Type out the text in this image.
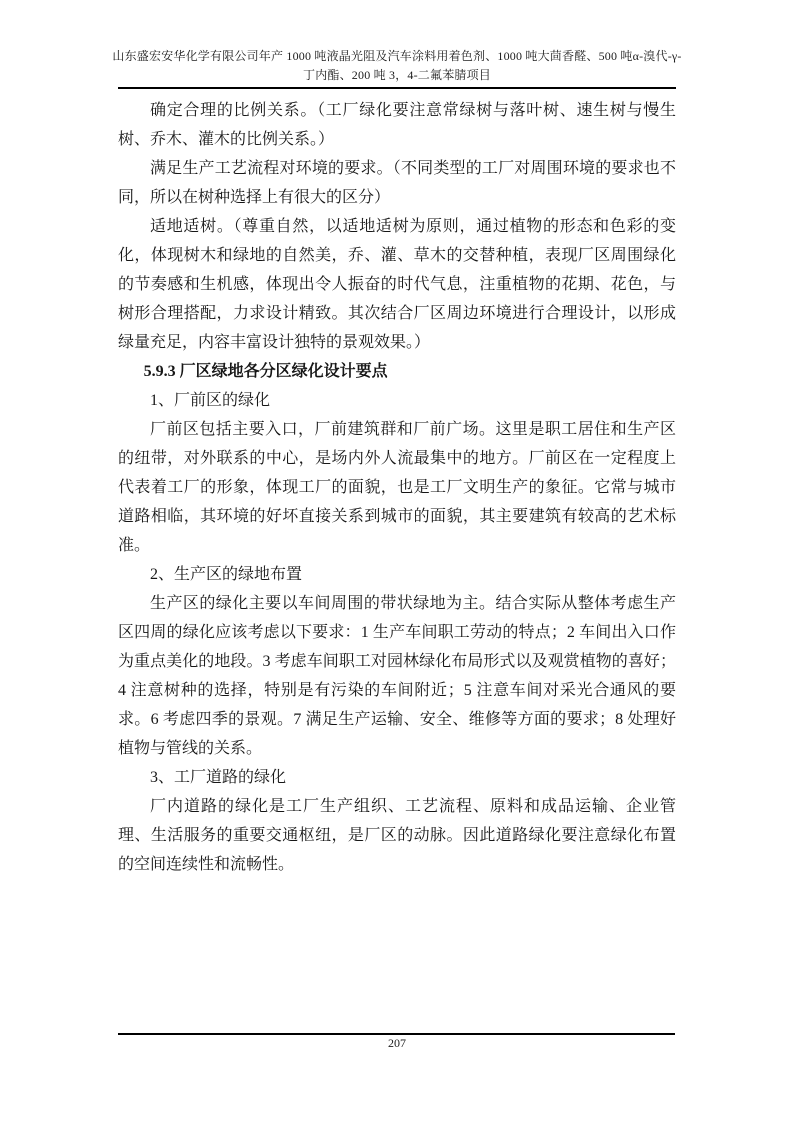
山东盛宏安华化学有限公司年产 1000 吨液晶光阻及汽车涂料用着色剂、1000 吨大茴香醛、500 吨α-溴代-γ-
丁内酯、200 吨 3，4-二氟苯腈项目

确定合理的比例关系。（工厂绿化要注意常绿树与落叶树、速生树与慢生树、乔木、灌木的比例关系。）

满足生产工艺流程对环境的要求。（不同类型的工厂对周围环境的要求也不同，所以在树种选择上有很大的区分）

适地适树。（尊重自然，以适地适树为原则，通过植物的形态和色彩的变化，体现树木和绿地的自然美，乔、灌、草木的交替种植，表现厂区周围绿化的节奏感和生机感，体现出令人振奋的时代气息，注重植物的花期、花色，与树形合理搭配，力求设计精致。其次结合厂区周边环境进行合理设计，以形成绿量充足，内容丰富设计独特的景观效果。）

5.9.3 厂区绿地各分区绿化设计要点

1、厂前区的绿化

厂前区包括主要入口，厂前建筑群和厂前广场。这里是职工居住和生产区的纽带，对外联系的中心，是场内外人流最集中的地方。厂前区在一定程度上代表着工厂的形象，体现工厂的面貌，也是工厂文明生产的象征。它常与城市道路相临，其环境的好坏直接关系到城市的面貌，其主要建筑有较高的艺术标准。

2、生产区的绿地布置

生产区的绿化主要以车间周围的带状绿地为主。结合实际从整体考虑生产区四周的绿化应该考虑以下要求：1 生产车间职工劳动的特点；2 车间出入口作为重点美化的地段。3 考虑车间职工对园林绿化布局形式以及观赏植物的喜好；4 注意树种的选择，特别是有污染的车间附近；5 注意车间对采光合通风的要求。6 考虑四季的景观。7 满足生产运输、安全、维修等方面的要求；8 处理好植物与管线的关系。

3、工厂道路的绿化

厂内道路的绿化是工厂生产组织、工艺流程、原料和成品运输、企业管理、生活服务的重要交通枢纽，是厂区的动脉。因此道路绿化要注意绿化布置的空间连续性和流畅性。

207
